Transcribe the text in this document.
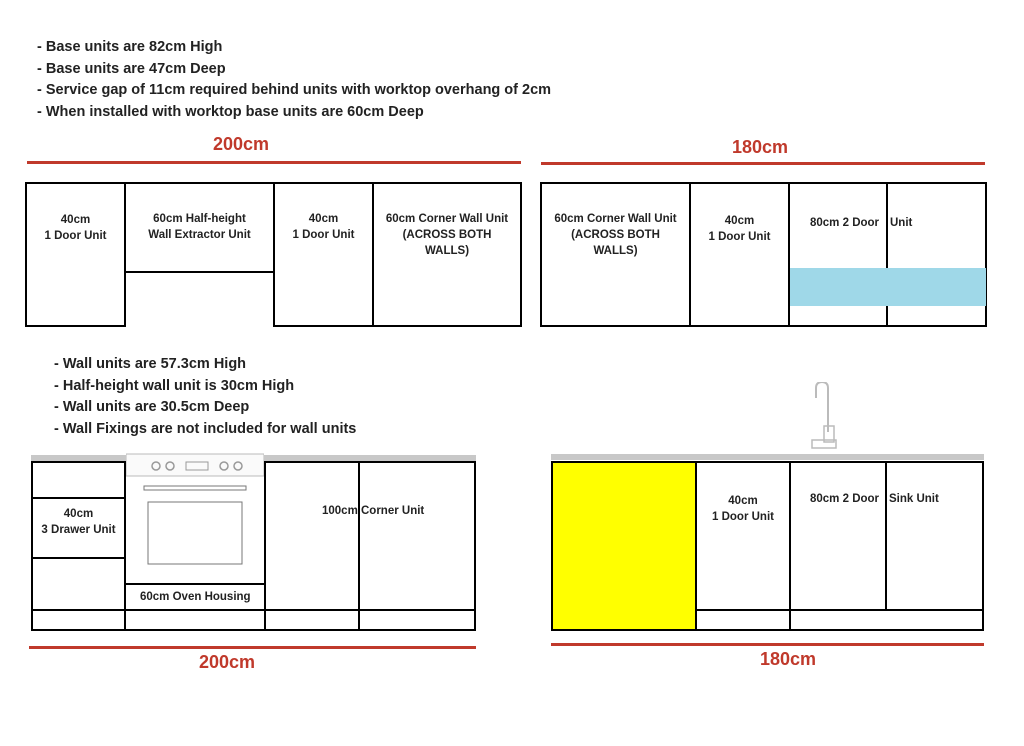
- Base units are 82cm High
- Base units are 47cm Deep
- Service gap of 11cm required behind units with worktop overhang of 2cm
- When installed with worktop base units are 60cm Deep
- Wall units are 57.3cm High
- Half-height wall unit is 30cm High
- Wall units are 30.5cm Deep
- Wall Fixings are not included for wall units
200cm
40cm
1 Door Unit
60cm Half-height
Wall Extractor Unit
40cm
1 Door Unit
60cm Corner Wall Unit
(ACROSS BOTH
WALLS)
180cm
60cm Corner Wall Unit
(ACROSS BOTH
WALLS)
40cm
1 Door Unit
80cm 2 Door Unit
40cm
3 Drawer Unit
60cm Oven Housing
100cm Corner Unit
200cm
40cm
1 Door Unit
80cm 2 Door Sink Unit
180cm
